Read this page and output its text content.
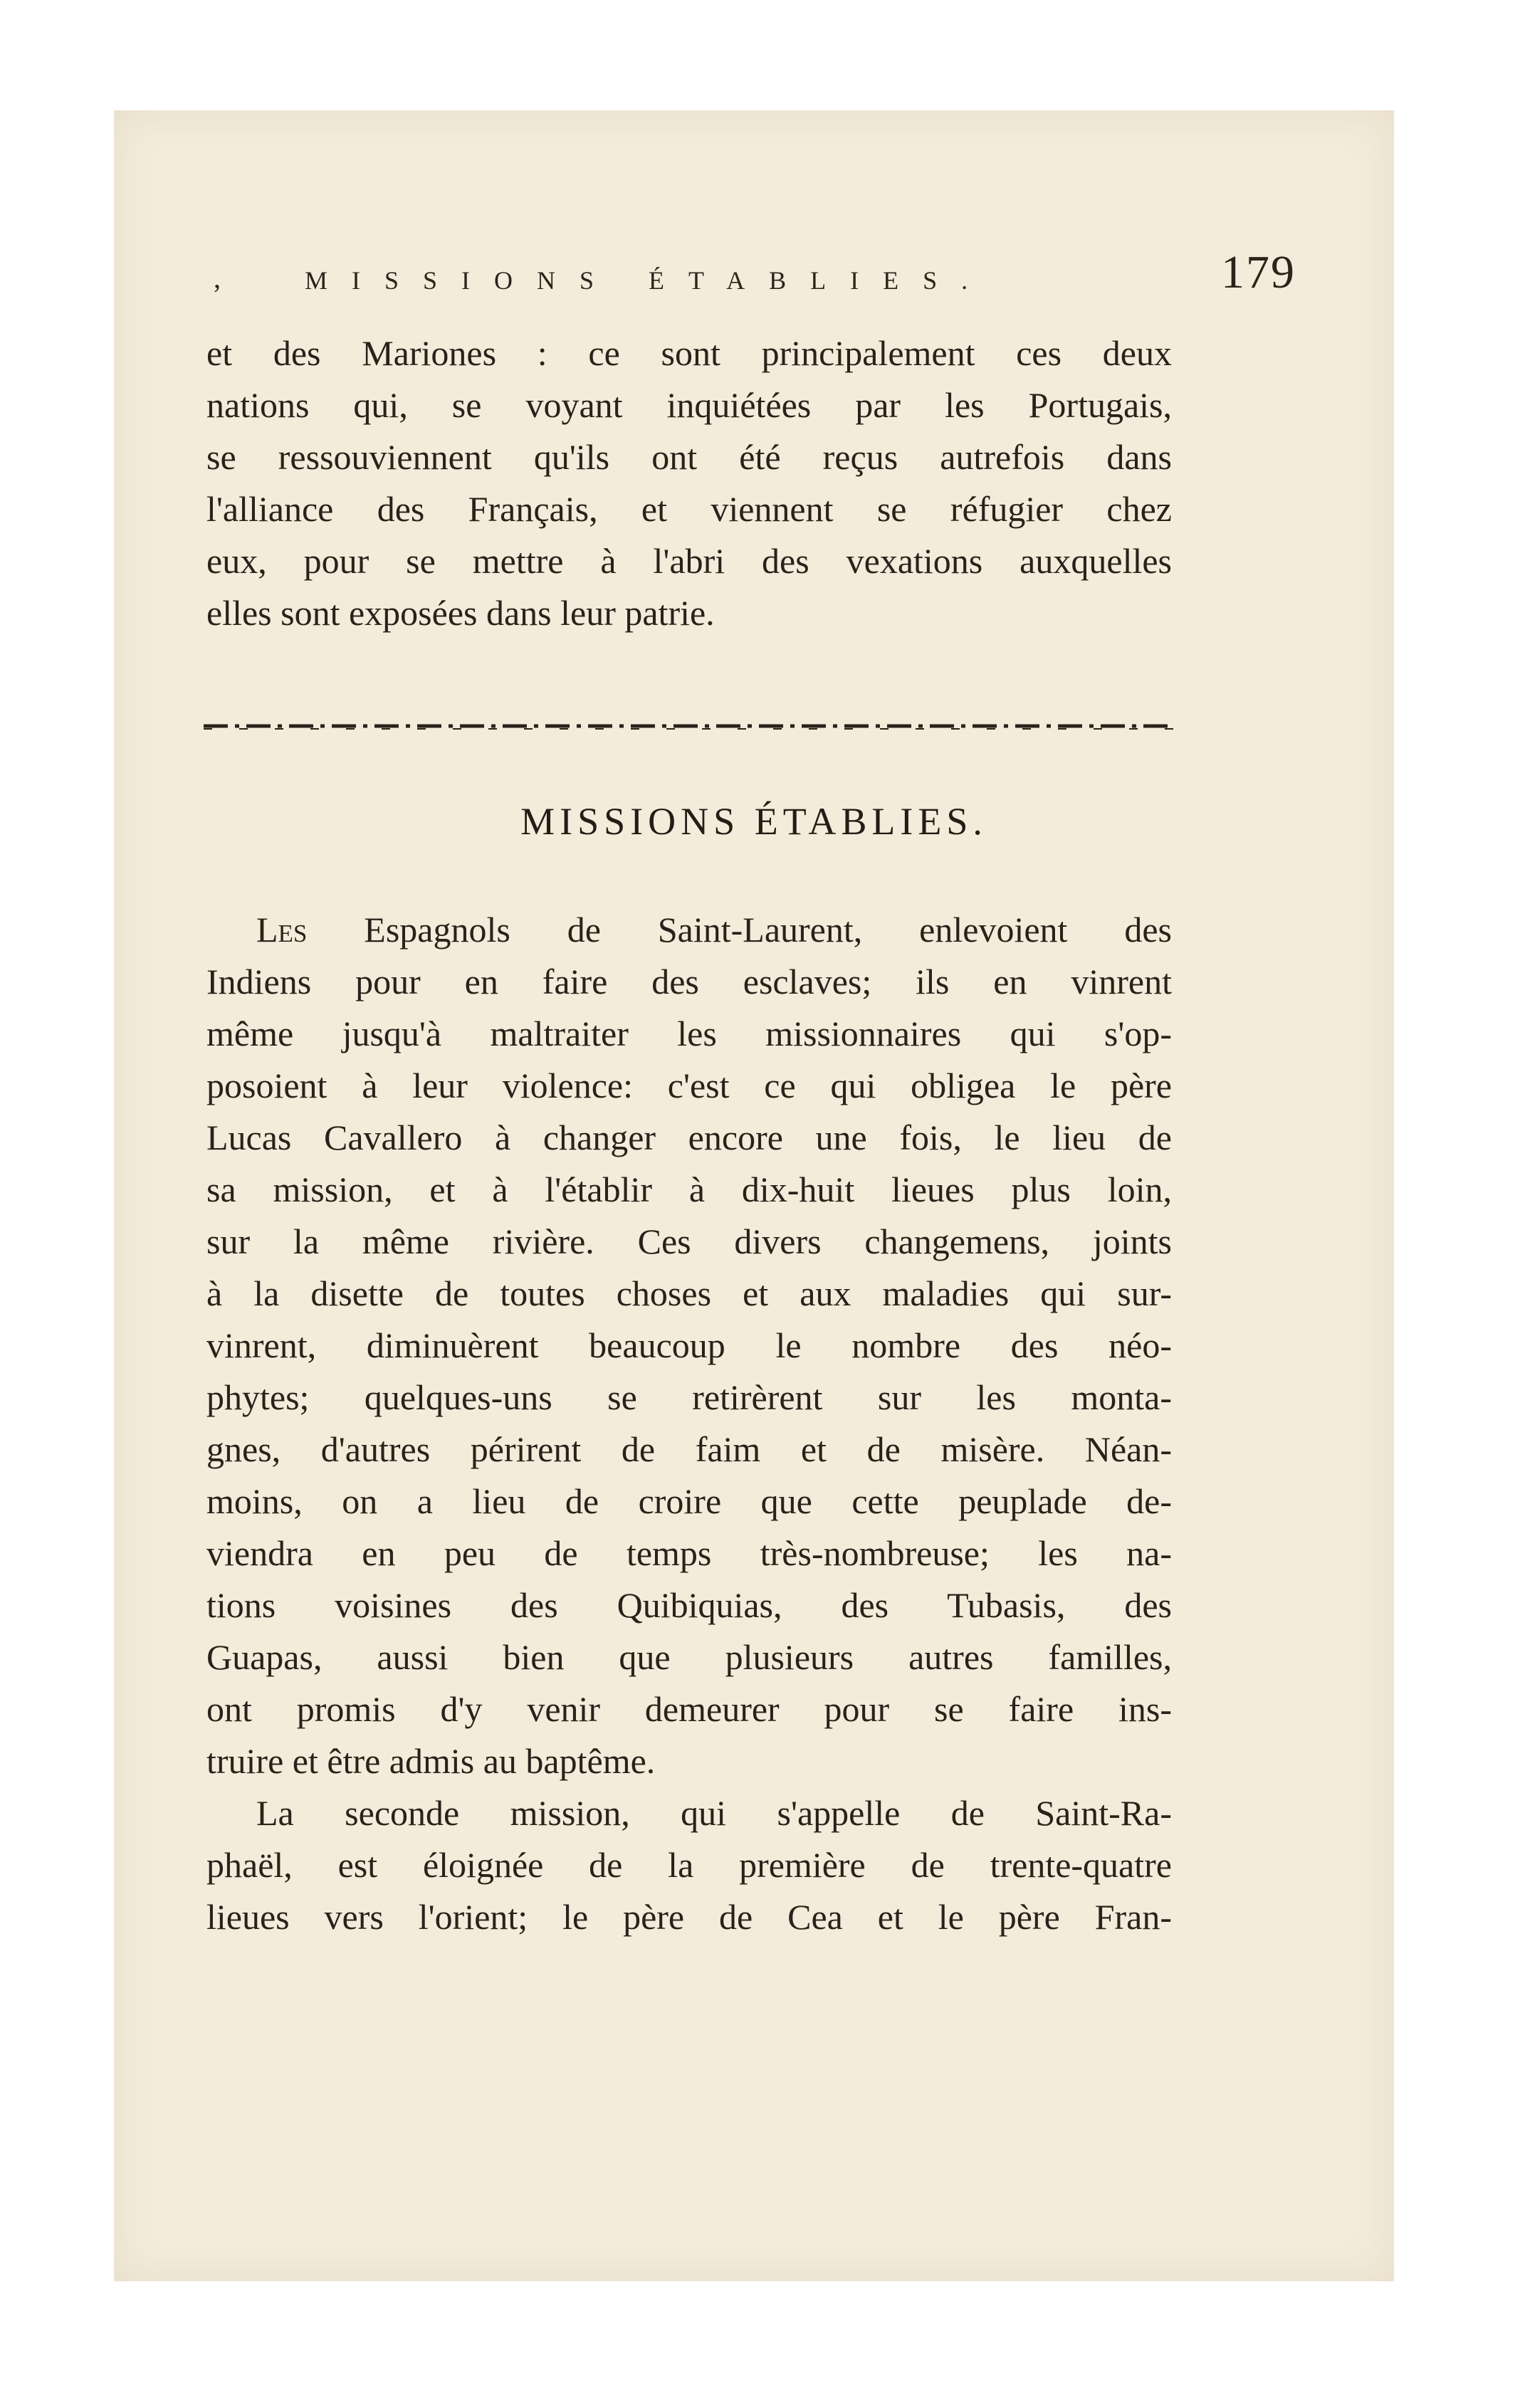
,	MISSIONS ÉTABLIES.	179
et des Mariones : ce sont principalement ces deux
nations qui, se voyant inquiétées par les Portugais,
se ressouviennent qu'ils ont été reçus autrefois dans
l'alliance des Français, et viennent se réfugier chez
eux, pour se mettre à l'abri des vexations auxquelles
elles sont exposées dans leur patrie.
MISSIONS ÉTABLIES.
Les Espagnols de Saint-Laurent, enlevoient des
Indiens pour en faire des esclaves; ils en vinrent
même jusqu'à maltraiter les missionnaires qui s'op-
posoient à leur violence: c'est ce qui obligea le père
Lucas Cavallero à changer encore une fois, le lieu de
sa mission, et à l'établir à dix-huit lieues plus loin,
sur la même rivière. Ces divers changemens, joints
à la disette de toutes choses et aux maladies qui sur-
vinrent, diminuèrent beaucoup le nombre des néo-
phytes; quelques-uns se retirèrent sur les monta-
gnes, d'autres périrent de faim et de misère. Néan-
moins, on a lieu de croire que cette peuplade de-
viendra en peu de temps très-nombreuse; les na-
tions voisines des Quibiquias, des Tubasis, des
Guapas, aussi bien que plusieurs autres familles,
ont promis d'y venir demeurer pour se faire ins-
truire et être admis au baptême.
La seconde mission, qui s'appelle de Saint-Ra-
phaël, est éloignée de la première de trente-quatre
lieues vers l'orient; le père de Cea et le père Fran-
